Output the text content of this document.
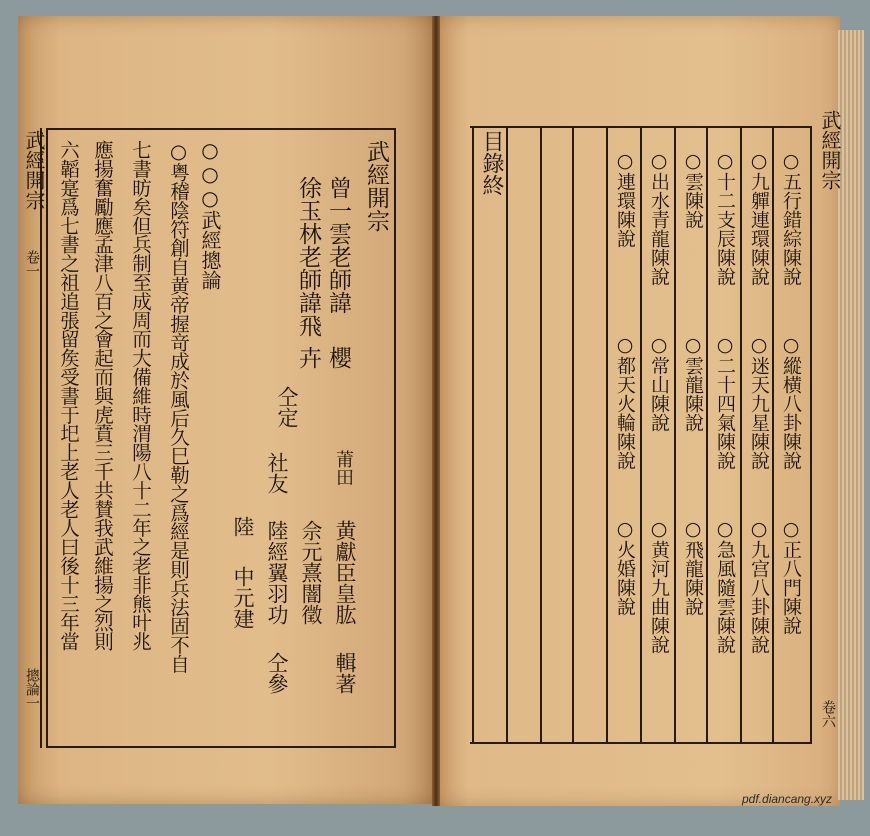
武經開宗
卷一
摠論一
武經開宗
曾一雲老師諱
櫻
徐玉林老師諱飛
卉
仝定
莆田
黄獻臣皇肱
輯著
社友
佘元熹闇徵
陸經翼羽功
仝參
陸
中元建
○○○武經摠論
○粤稽陰符創自黄帝握竒成於風后久巳勒之爲經是則兵法固不自
七書昉矣但兵制至成周而大備維時渭陽八十二年之老非熊叶兆
應揚奮勵應孟津八百之會起而與虎賁三千共賛我武維揚之烈則
六韜寔爲七書之祖追張留矦受書于圯上老人老人曰後十三年當	武經開宗
卷六
目錄終	○五行錯綜陳說
○九軃連環陳說
○十二支辰陳說
○雲陳說
○出水青龍陳說
○連環陳說
○縱横八卦陳說
○迷天九星陳說
○二十四氣陳說
○雲龍陳說
○常山陳說
○都天火輪陳說
○正八門陳說
○九宫八卦陳說
○急風隨雲陳說
○飛龍陳說
○黄河九曲陳說
○火婚陳說
pdf.diancang.xyz
